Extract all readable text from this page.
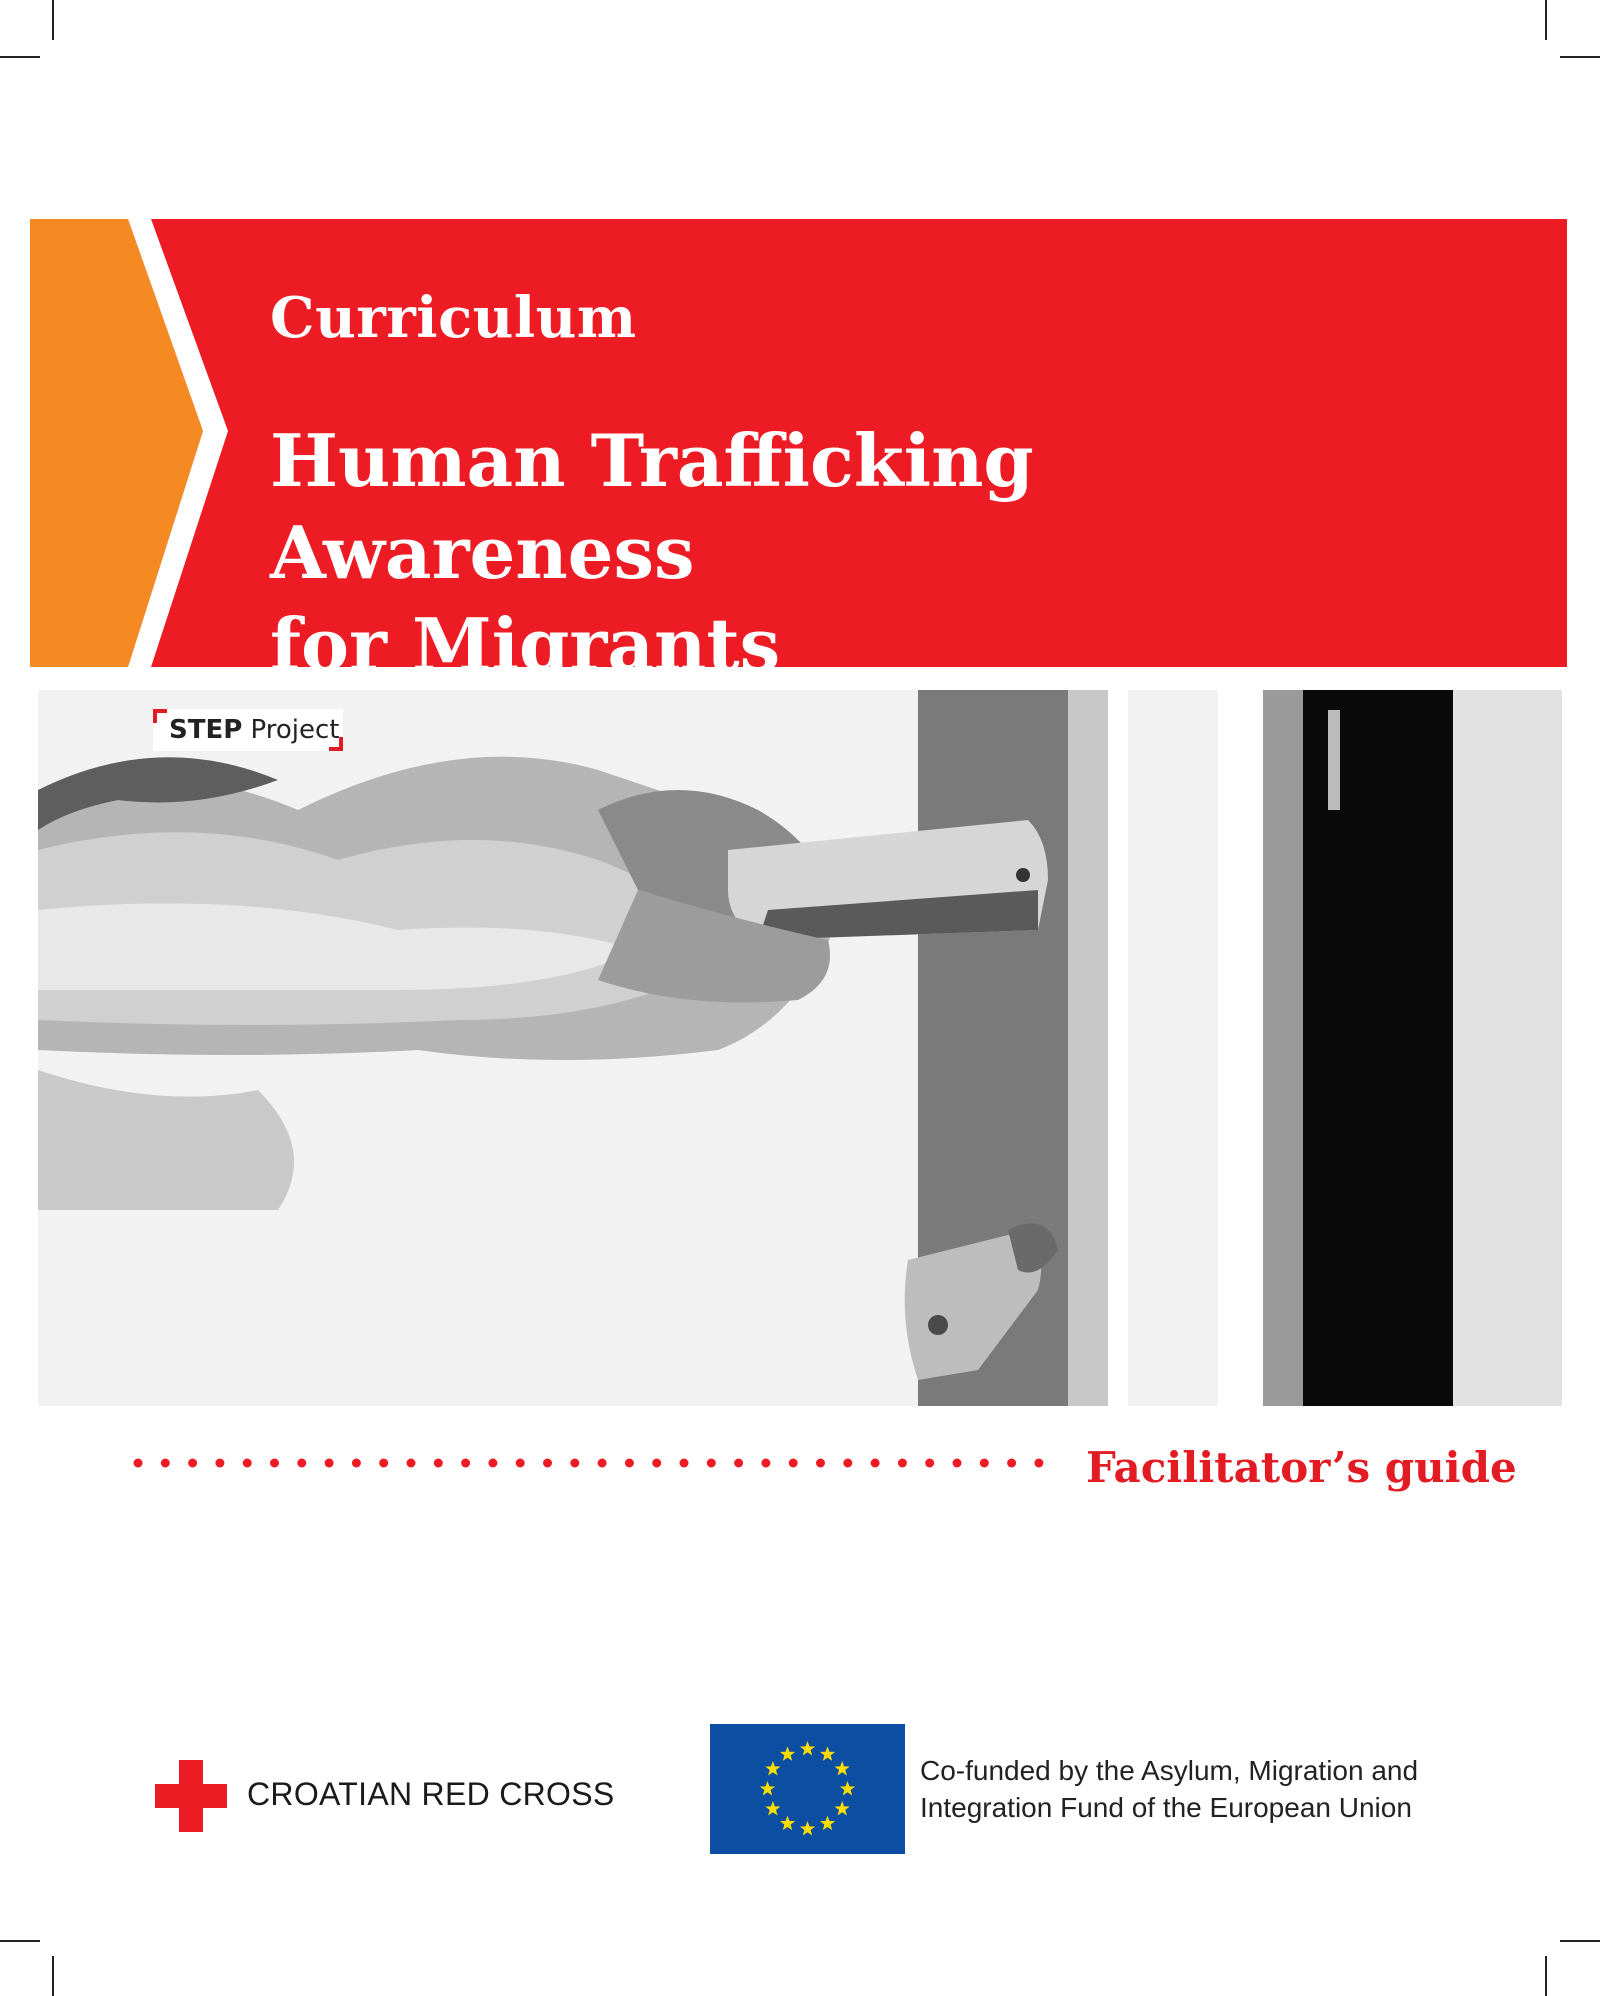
Curriculum
Human Trafficking Awareness
for Migrants
STEP Project
Facilitator’s guide
CROATIAN RED CROSS
Co-funded by the Asylum, Migration and
Integration Fund of the European Union
